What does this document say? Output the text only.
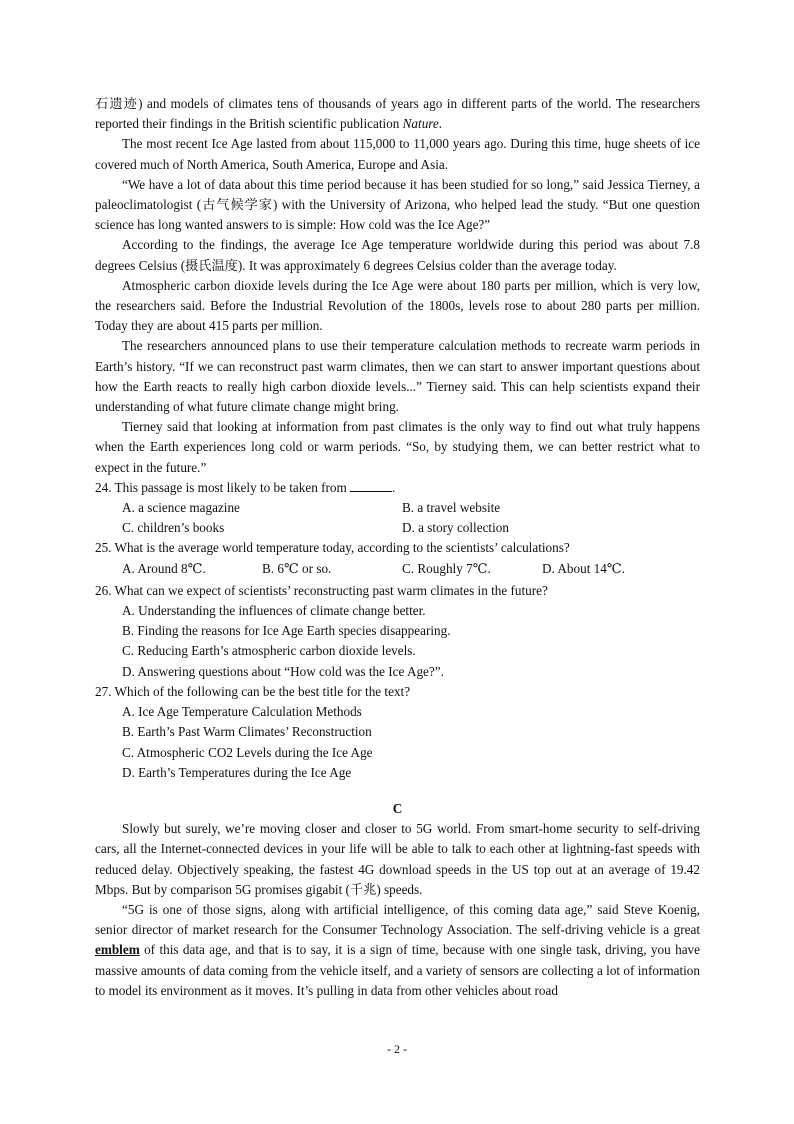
石遗迹) and models of climates tens of thousands of years ago in different parts of the world. The researchers reported their findings in the British scientific publication Nature.

The most recent Ice Age lasted from about 115,000 to 11,000 years ago. During this time, huge sheets of ice covered much of North America, South America, Europe and Asia.

“We have a lot of data about this time period because it has been studied for so long,” said Jessica Tierney, a paleoclimatologist (古气候学家) with the University of Arizona, who helped lead the study. “But one question science has long wanted answers to is simple: How cold was the Ice Age?”

According to the findings, the average Ice Age temperature worldwide during this period was about 7.8 degrees Celsius (摄氏温度). It was approximately 6 degrees Celsius colder than the average today.

Atmospheric carbon dioxide levels during the Ice Age were about 180 parts per million, which is very low, the researchers said. Before the Industrial Revolution of the 1800s, levels rose to about 280 parts per million. Today they are about 415 parts per million.

The researchers announced plans to use their temperature calculation methods to recreate warm periods in Earth’s history. “If we can reconstruct past warm climates, then we can start to answer important questions about how the Earth reacts to really high carbon dioxide levels...” Tierney said. This can help scientists expand their understanding of what future climate change might bring.

Tierney said that looking at information from past climates is the only way to find out what truly happens when the Earth experiences long cold or warm periods. “So, by studying them, we can better restrict what to expect in the future.”

24. This passage is most likely to be taken from	.

A. a science magazine	B. a travel website
C. children’s books	D. a story collection

25. What is the average world temperature today, according to the scientists’ calculations?

A. Around 8℃.	B. 6℃ or so.	C. Roughly 7℃.	D. About 14℃.

26. What can we expect of scientists’ reconstructing past warm climates in the future?

A. Understanding the influences of climate change better.

B. Finding the reasons for Ice Age Earth species disappearing.

C. Reducing Earth’s atmospheric carbon dioxide levels.

D. Answering questions about “How cold was the Ice Age?”.

27. Which of the following can be the best title for the text?

A. Ice Age Temperature Calculation Methods

B. Earth’s Past Warm Climates’ Reconstruction

C. Atmospheric CO2 Levels during the Ice Age

D. Earth’s Temperatures during the Ice Age

C

Slowly but surely, we’re moving closer and closer to 5G world. From smart-home security to self-driving cars, all the Internet-connected devices in your life will be able to talk to each other at lightning-fast speeds with reduced delay. Objectively speaking, the fastest 4G download speeds in the US top out at an average of 19.42 Mbps. But by comparison 5G promises gigabit (千兆) speeds.

“5G is one of those signs, along with artificial intelligence, of this coming data age,” said Steve Koenig, senior director of market research for the Consumer Technology Association. The self-driving vehicle is a great emblem of this data age, and that is to say, it is a sign of time, because with one single task, driving, you have massive amounts of data coming from the vehicle itself, and a variety of sensors are collecting a lot of information to model its environment as it moves. It’s pulling in data from other vehicles about road

- 2 -
